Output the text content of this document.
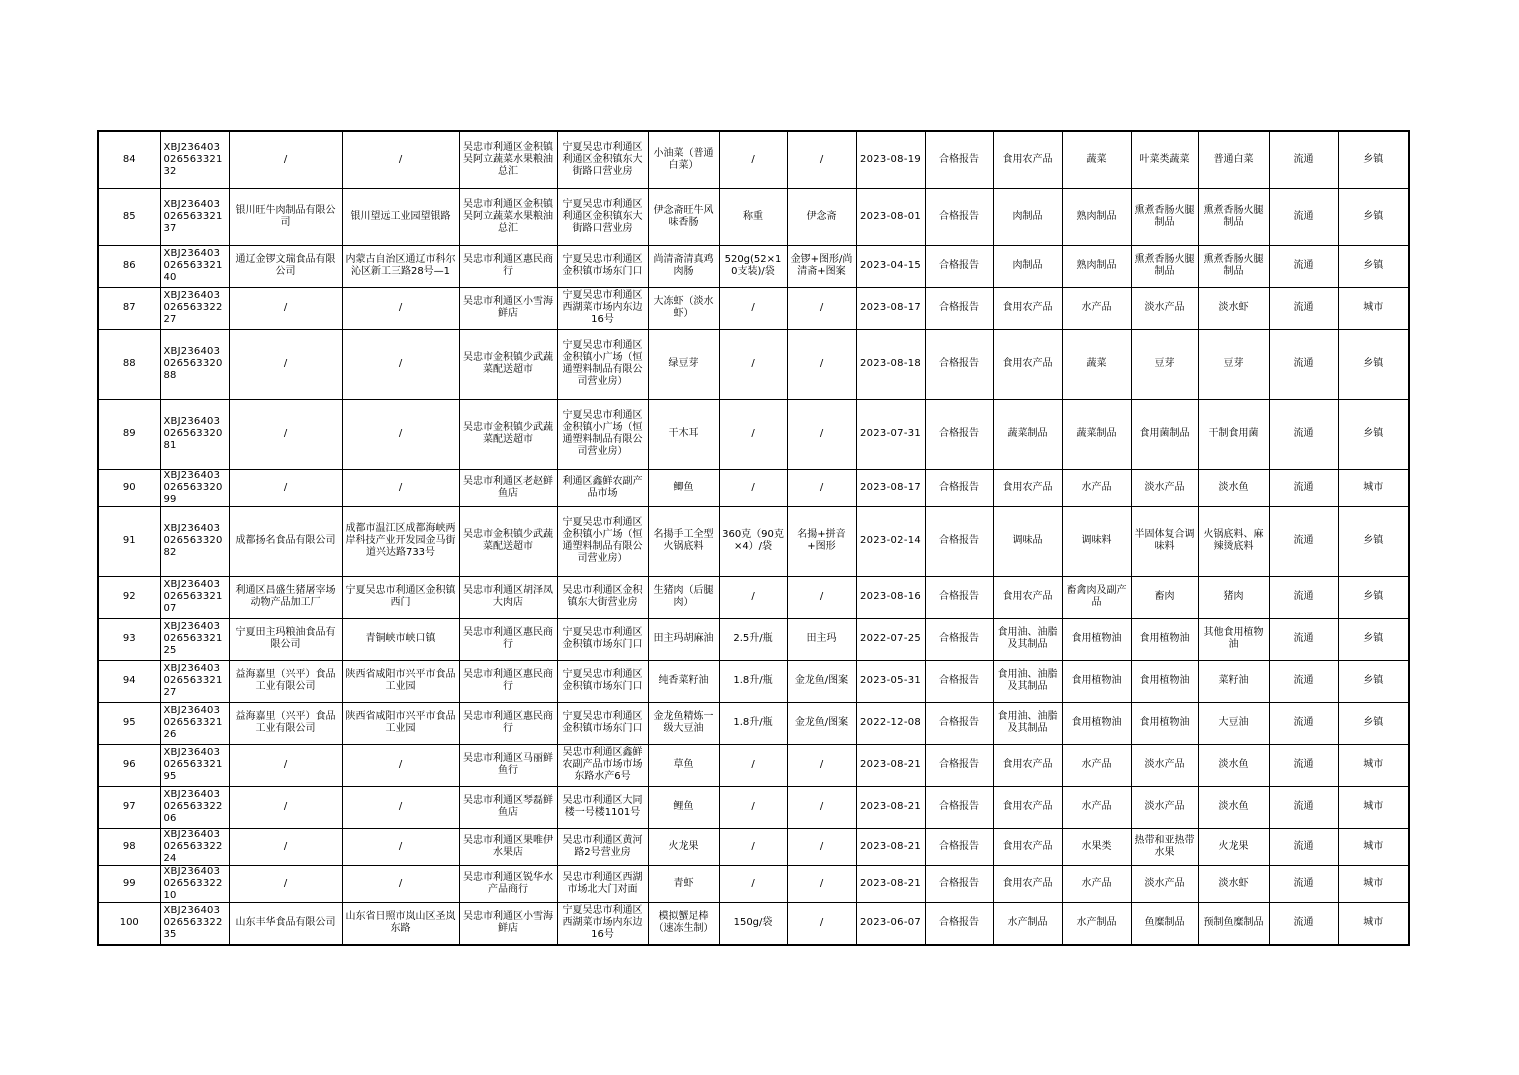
84	XBJ23640302656332132	/	/	吴忠市利通区金积镇吴阿立蔬菜水果粮油总汇	宁夏吴忠市利通区利通区金积镇东大街路口营业房	小油菜（普通白菜）	/	/	2023-08-19	合格报告	食用农产品	蔬菜	叶菜类蔬菜	普通白菜	流通	乡镇
85	XBJ23640302656332137	银川旺牛肉制品有限公司	银川望远工业园望银路	吴忠市利通区金积镇吴阿立蔬菜水果粮油总汇	宁夏吴忠市利通区利通区金积镇东大街路口营业房	伊念斋旺牛风味香肠	称重	伊念斋	2023-08-01	合格报告	肉制品	熟肉制品	熏煮香肠火腿制品	熏煮香肠火腿制品	流通	乡镇
86	XBJ23640302656332140	通辽金锣文瑞食品有限公司	内蒙古自治区通辽市科尔沁区新工三路28号—1	吴忠市利通区惠民商行	宁夏吴忠市利通区金积镇市场东门口	尚清斋清真鸡肉肠	520g(52×10支装)/袋	金锣+图形/尚清斋+图案	2023-04-15	合格报告	肉制品	熟肉制品	熏煮香肠火腿制品	熏煮香肠火腿制品	流通	乡镇
87	XBJ23640302656332227	/	/	吴忠市利通区小雪海鲜店	宁夏吴忠市利通区西湖菜市场内东边16号	大冻虾（淡水虾）	/	/	2023-08-17	合格报告	食用农产品	水产品	淡水产品	淡水虾	流通	城市
88	XBJ23640302656332088	/	/	吴忠市金积镇少武蔬菜配送超市	宁夏吴忠市利通区金积镇小广场（恒通塑料制品有限公司营业房）	绿豆芽	/	/	2023-08-18	合格报告	食用农产品	蔬菜	豆芽	豆芽	流通	乡镇
89	XBJ23640302656332081	/	/	吴忠市金积镇少武蔬菜配送超市	宁夏吴忠市利通区金积镇小广场（恒通塑料制品有限公司营业房）	干木耳	/	/	2023-07-31	合格报告	蔬菜制品	蔬菜制品	食用菌制品	干制食用菌	流通	乡镇
90	XBJ23640302656332099	/	/	吴忠市利通区老赵鲜鱼店	利通区鑫鲜农副产品市场	鲫鱼	/	/	2023-08-17	合格报告	食用农产品	水产品	淡水产品	淡水鱼	流通	城市
91	XBJ23640302656332082	成都扬名食品有限公司	成都市温江区成都海峡两岸科技产业开发园金马街道兴达路733号	吴忠市金积镇少武蔬菜配送超市	宁夏吴忠市利通区金积镇小广场（恒通塑料制品有限公司营业房）	名揚手工全型火锅底料	360克（90克×4）/袋	名揚+拼音+图形	2023-02-14	合格报告	调味品	调味料	半固体复合调味料	火锅底料、麻辣烫底料	流通	乡镇
92	XBJ23640302656332107	利通区昌盛生猪屠宰场 动物产品加工厂	宁夏吴忠市利通区金积镇 西门	吴忠市利通区胡泽凤大肉店	吴忠市利通区金积镇东大街营业房	生猪肉（后腿肉）	/	/	2023-08-16	合格报告	食用农产品	畜禽肉及副产品	畜肉	猪肉	流通	乡镇
93	XBJ23640302656332125	宁夏田主玛粮油食品有限公司	青铜峡市峡口镇	吴忠市利通区惠民商行	宁夏吴忠市利通区金积镇市场东门口	田主玛胡麻油	2.5升/瓶	田主玛	2022-07-25	合格报告	食用油、油脂及其制品	食用植物油	食用植物油	其他食用植物油	流通	乡镇
94	XBJ23640302656332127	益海嘉里（兴平）食品工业有限公司	陕西省咸阳市兴平市食品工业园	吴忠市利通区惠民商行	宁夏吴忠市利通区金积镇市场东门口	纯香菜籽油	1.8升/瓶	金龙鱼/图案	2023-05-31	合格报告	食用油、油脂及其制品	食用植物油	食用植物油	菜籽油	流通	乡镇
95	XBJ23640302656332126	益海嘉里（兴平）食品工业有限公司	陕西省咸阳市兴平市食品工业园	吴忠市利通区惠民商行	宁夏吴忠市利通区金积镇市场东门口	金龙鱼精炼一级大豆油	1.8升/瓶	金龙鱼/图案	2022-12-08	合格报告	食用油、油脂及其制品	食用植物油	食用植物油	大豆油	流通	乡镇
96	XBJ23640302656332195	/	/	吴忠市利通区马丽鲜鱼行	吴忠市利通区鑫鲜农副产品市场市场东路水产6号	草鱼	/	/	2023-08-21	合格报告	食用农产品	水产品	淡水产品	淡水鱼	流通	城市
97	XBJ23640302656332206	/	/	吴忠市利通区琴磊鲜鱼店	吴忠市利通区大同楼一号楼1101号	鲤鱼	/	/	2023-08-21	合格报告	食用农产品	水产品	淡水产品	淡水鱼	流通	城市
98	XBJ23640302656332224	/	/	吴忠市利通区果唯伊水果店	吴忠市利通区黄河路2号营业房	火龙果	/	/	2023-08-21	合格报告	食用农产品	水果类	热带和亚热带水果	火龙果	流通	城市
99	XBJ23640302656332210	/	/	吴忠市利通区锐华水产品商行	吴忠市利通区西湖市场北大门对面	青虾	/	/	2023-08-21	合格报告	食用农产品	水产品	淡水产品	淡水虾	流通	城市
100	XBJ23640302656332235	山东丰华食品有限公司	山东省日照市岚山区圣岚东路	吴忠市利通区小雪海鲜店	宁夏吴忠市利通区西湖菜市场内东边16号	模拟蟹足棒（速冻生制）	150g/袋	/	2023-06-07	合格报告	水产制品	水产制品	鱼糜制品	预制鱼糜制品	流通	城市
